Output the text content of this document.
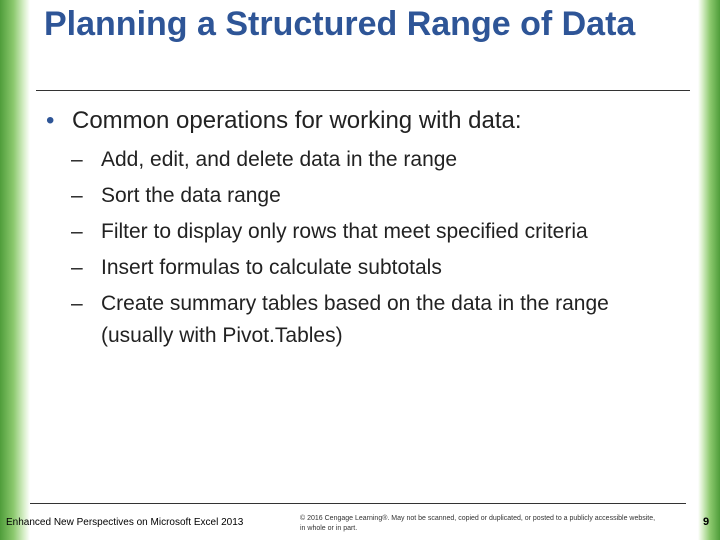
Planning a Structured Range of Data

• Common operations for working with data:

– Add, edit, and delete data in the range
– Sort the data range
– Filter to display only rows that meet specified criteria
– Insert formulas to calculate subtotals
– Create summary tables based on the data in the range (usually with Pivot.Tables)
Enhanced New Perspectives on Microsoft Excel 2013	© 2016 Cengage Learning®. May not be scanned, copied or duplicated, or posted to a publicly accessible website, in whole or in part.
9
